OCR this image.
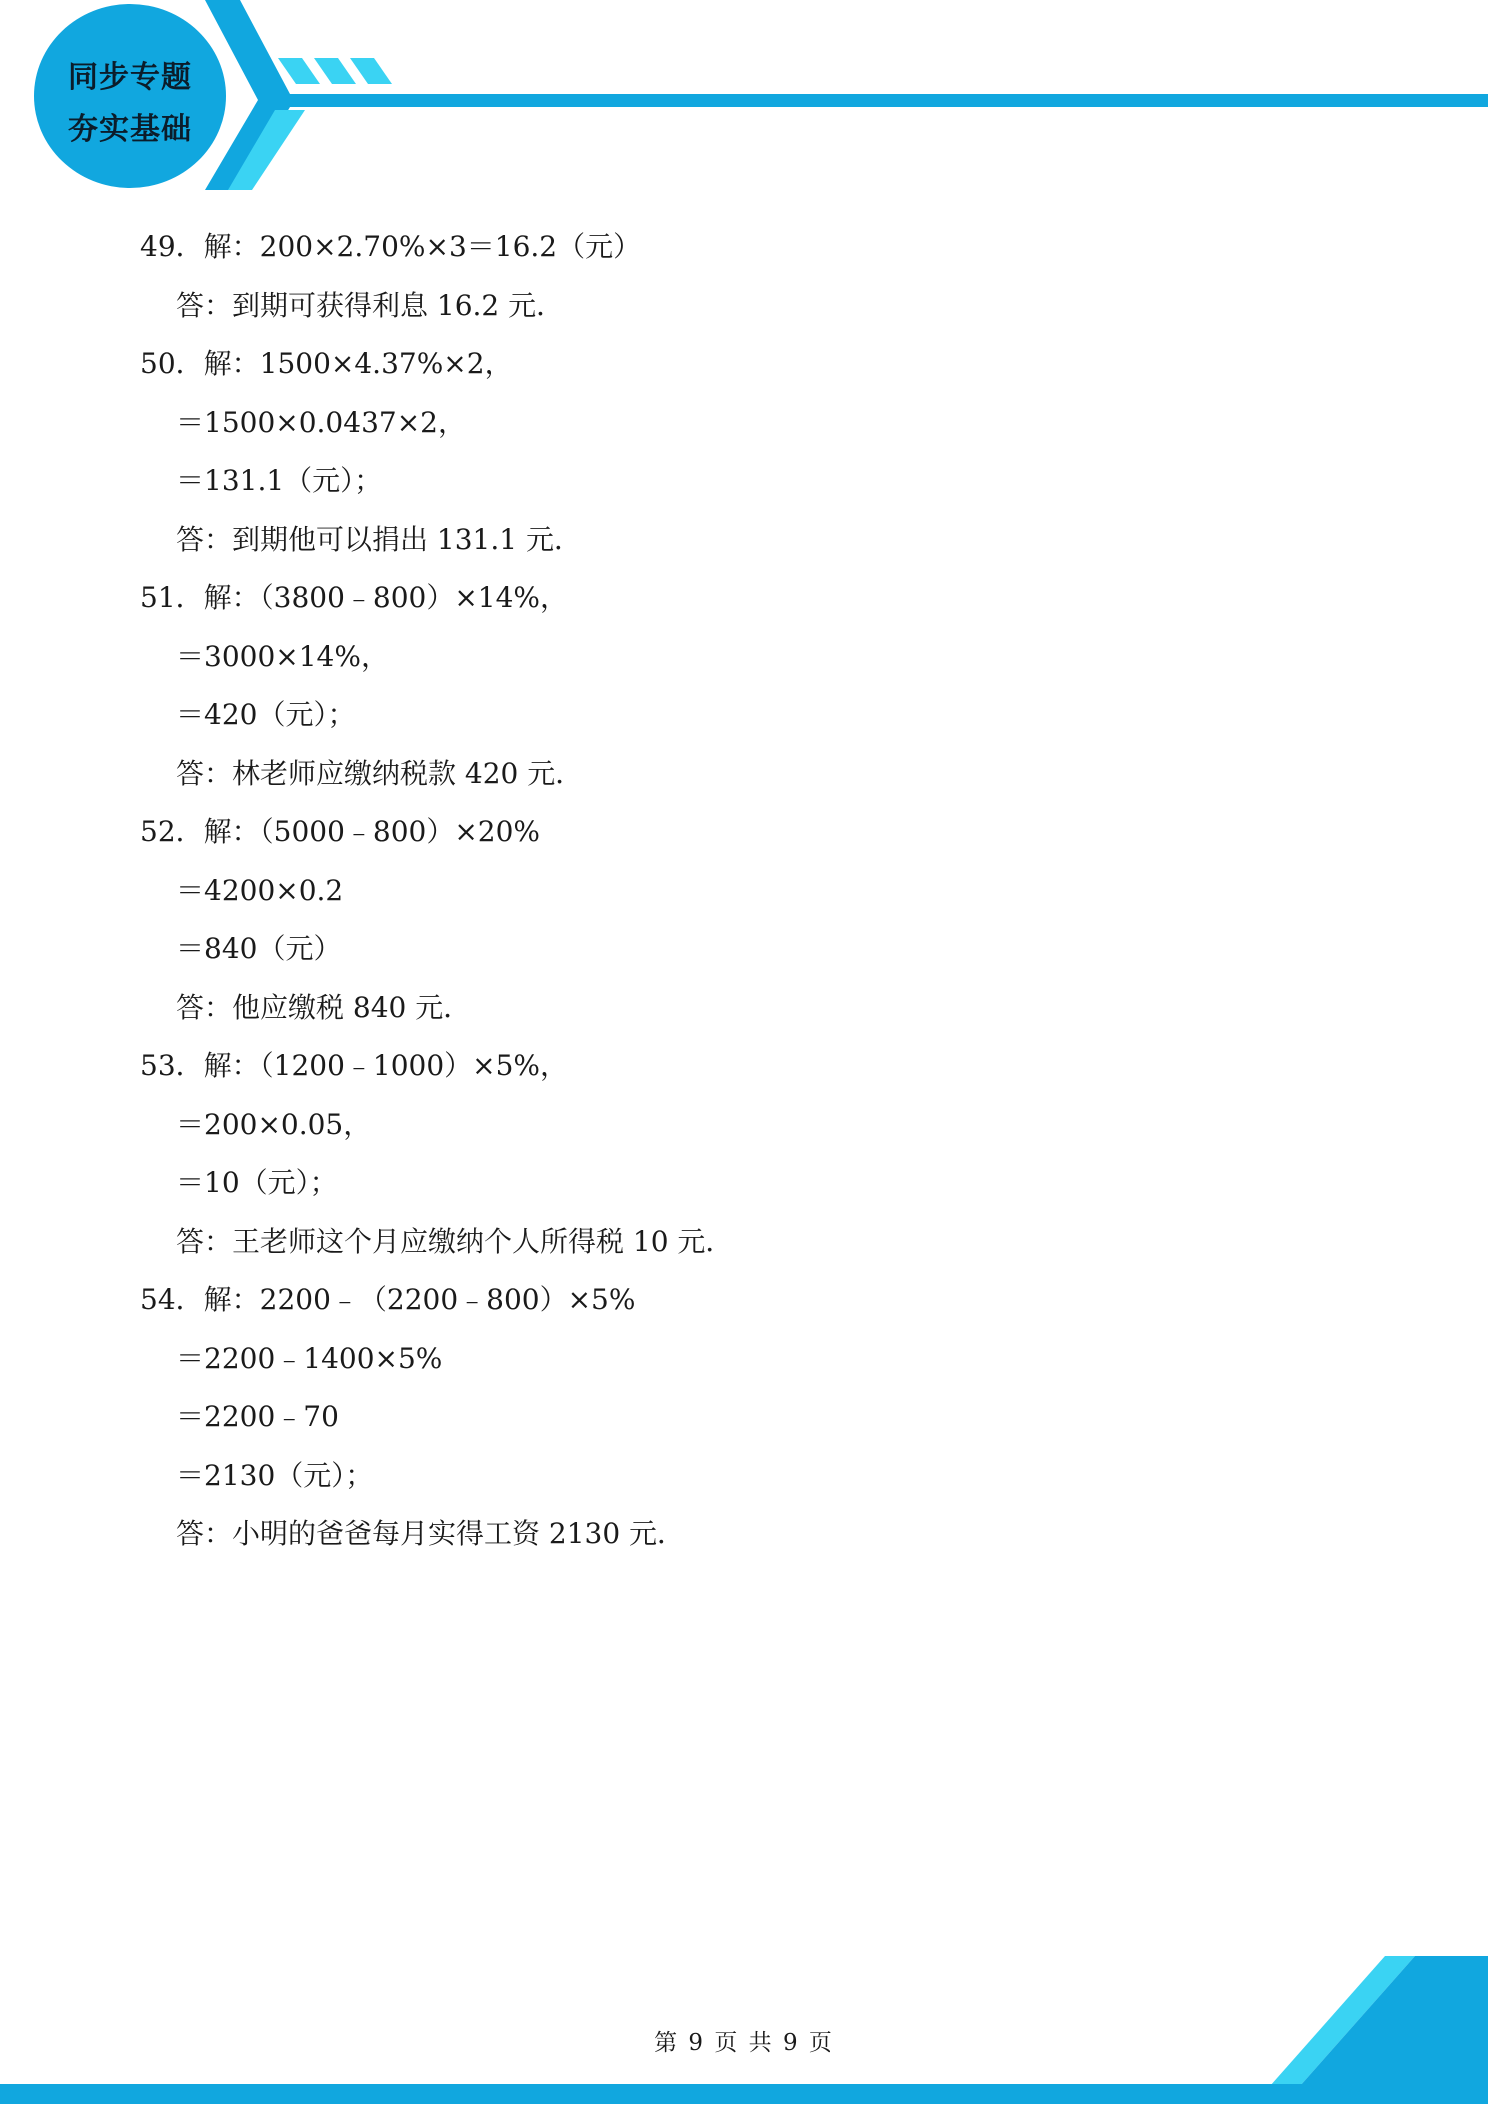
同步专题
夯实基础
49．解：200×2.70%×3＝16.2（元）
答：到期可获得利息 16.2 元．
50．解：1500×4.37%×2，
＝1500×0.0437×2，
＝131.1（元）；
答：到期他可以捐出 131.1 元．
51．解：（3800﹣800）×14%，
＝3000×14%，
＝420（元）；
答：林老师应缴纳税款 420 元．
52．解：（5000﹣800）×20%
＝4200×0.2
＝840（元）
答：他应缴税 840 元．
53．解：（1200﹣1000）×5%，
＝200×0.05，
＝10（元）；
答：王老师这个月应缴纳个人所得税 10 元．
54．解：2200﹣（2200﹣800）×5%
＝2200﹣1400×5%
＝2200﹣70
＝2130（元）；
答：小明的爸爸每月实得工资 2130 元．
第 9 页 共 9 页
